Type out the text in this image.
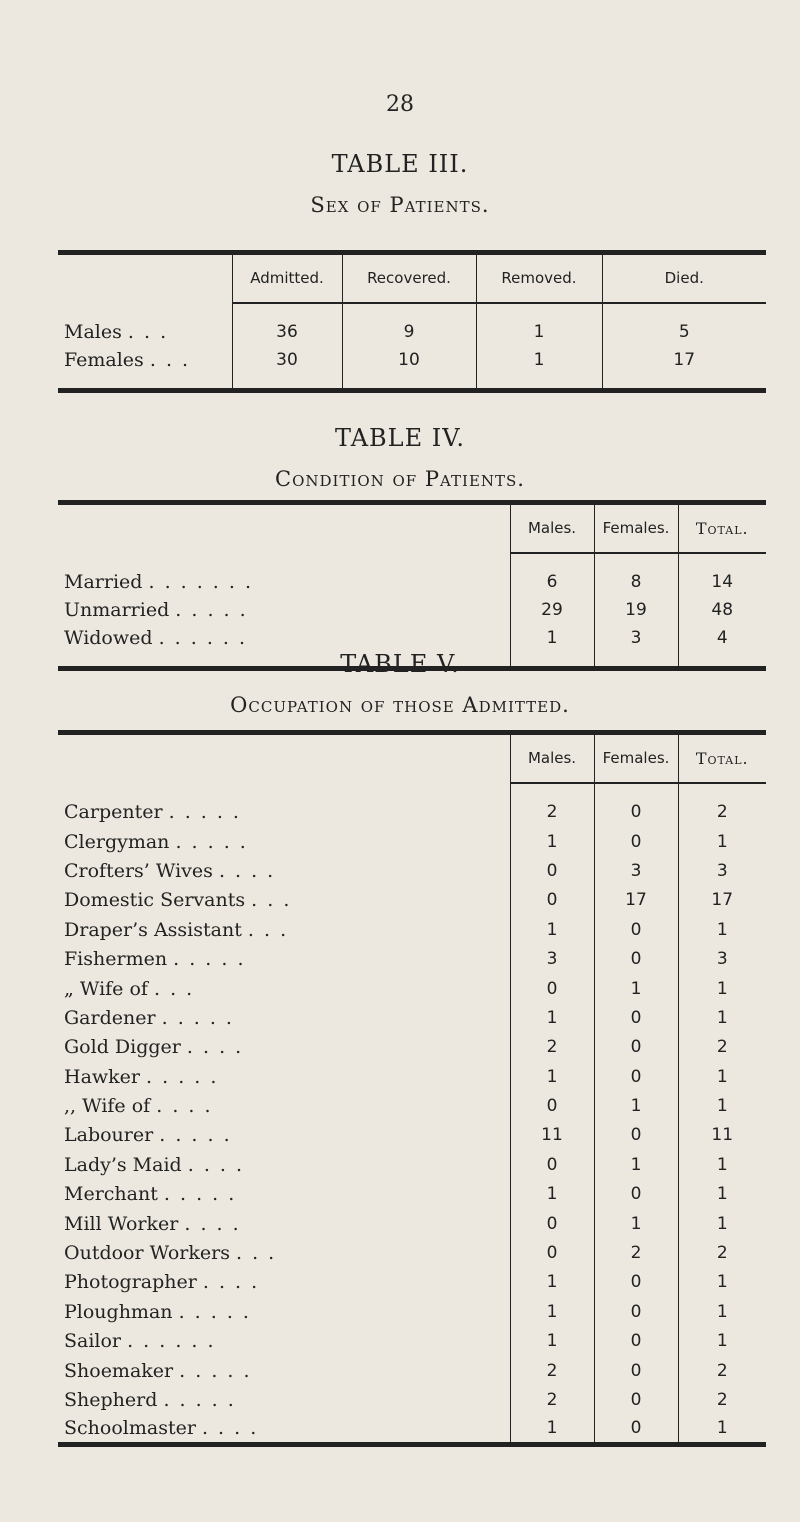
28
TABLE III.
Sex of Patients.
	Admitted.	Recovered.	Removed.	Died.

Males . . .	36	9	1	5
Females . . .	30	10	1	17

TABLE IV.
Condition of Patients.
	Males.	Females.	Total.

Married . . . . . . .	6	8	14
Unmarried . . . . .	29	19	48
Widowed . . . . . .	1	3	4

TABLE V.
Occupation of those Admitted.
	Males.	Females.	Total.

Carpenter . . . . .	2	0	2
Clergyman . . . . .	1	0	1
Crofters’ Wives . . . .	0	3	3
Domestic Servants . . .	0	17	17
Draper’s Assistant . . .	1	0	1
Fishermen . . . . .	3	0	3
„ Wife of . . .	0	1	1
Gardener . . . . .	1	0	1
Gold Digger . . . .	2	0	2
Hawker . . . . .	1	0	1
,, Wife of . . . .	0	1	1
Labourer . . . . .	11	0	11
Lady’s Maid . . . .	0	1	1
Merchant . . . . .	1	0	1
Mill Worker . . . .	0	1	1
Outdoor Workers . . .	0	2	2
Photographer . . . .	1	0	1
Ploughman . . . . .	1	0	1
Sailor . . . . . .	1	0	1
Shoemaker . . . . .	2	0	2
Shepherd . . . . .	2	0	2
Schoolmaster . . . .	1	0	1
